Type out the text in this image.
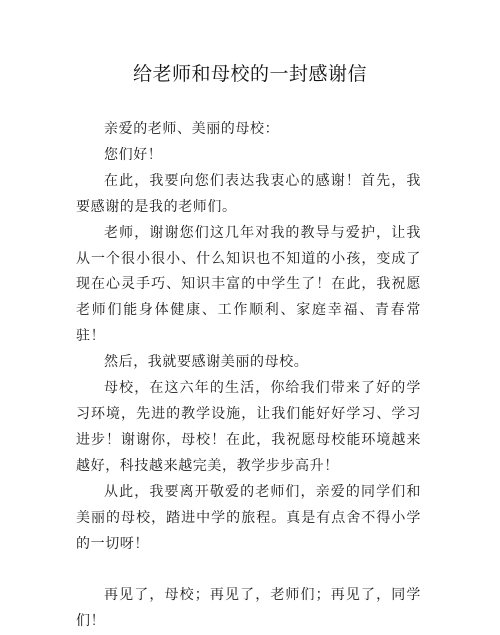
给老师和母校的一封感谢信

亲爱的老师、美丽的母校：

您们好！

在此，我要向您们表达我衷心的感谢！首先，我要感谢的是我的老师们。

老师，谢谢您们这几年对我的教导与爱护，让我从一个很小很小、什么知识也不知道的小孩，变成了现在心灵手巧、知识丰富的中学生了！在此，我祝愿老师们能身体健康、工作顺利、家庭幸福、青春常驻！

然后，我就要感谢美丽的母校。

母校，在这六年的生活，你给我们带来了好的学习环境，先进的教学设施，让我们能好好学习、学习进步！谢谢你，母校！在此，我祝愿母校能环境越来越好，科技越来越完美，教学步步高升！

从此，我要离开敬爱的老师们，亲爱的同学们和美丽的母校，踏进中学的旅程。真是有点舍不得小学的一切呀！

再见了，母校；再见了，老师们；再见了，同学们！
